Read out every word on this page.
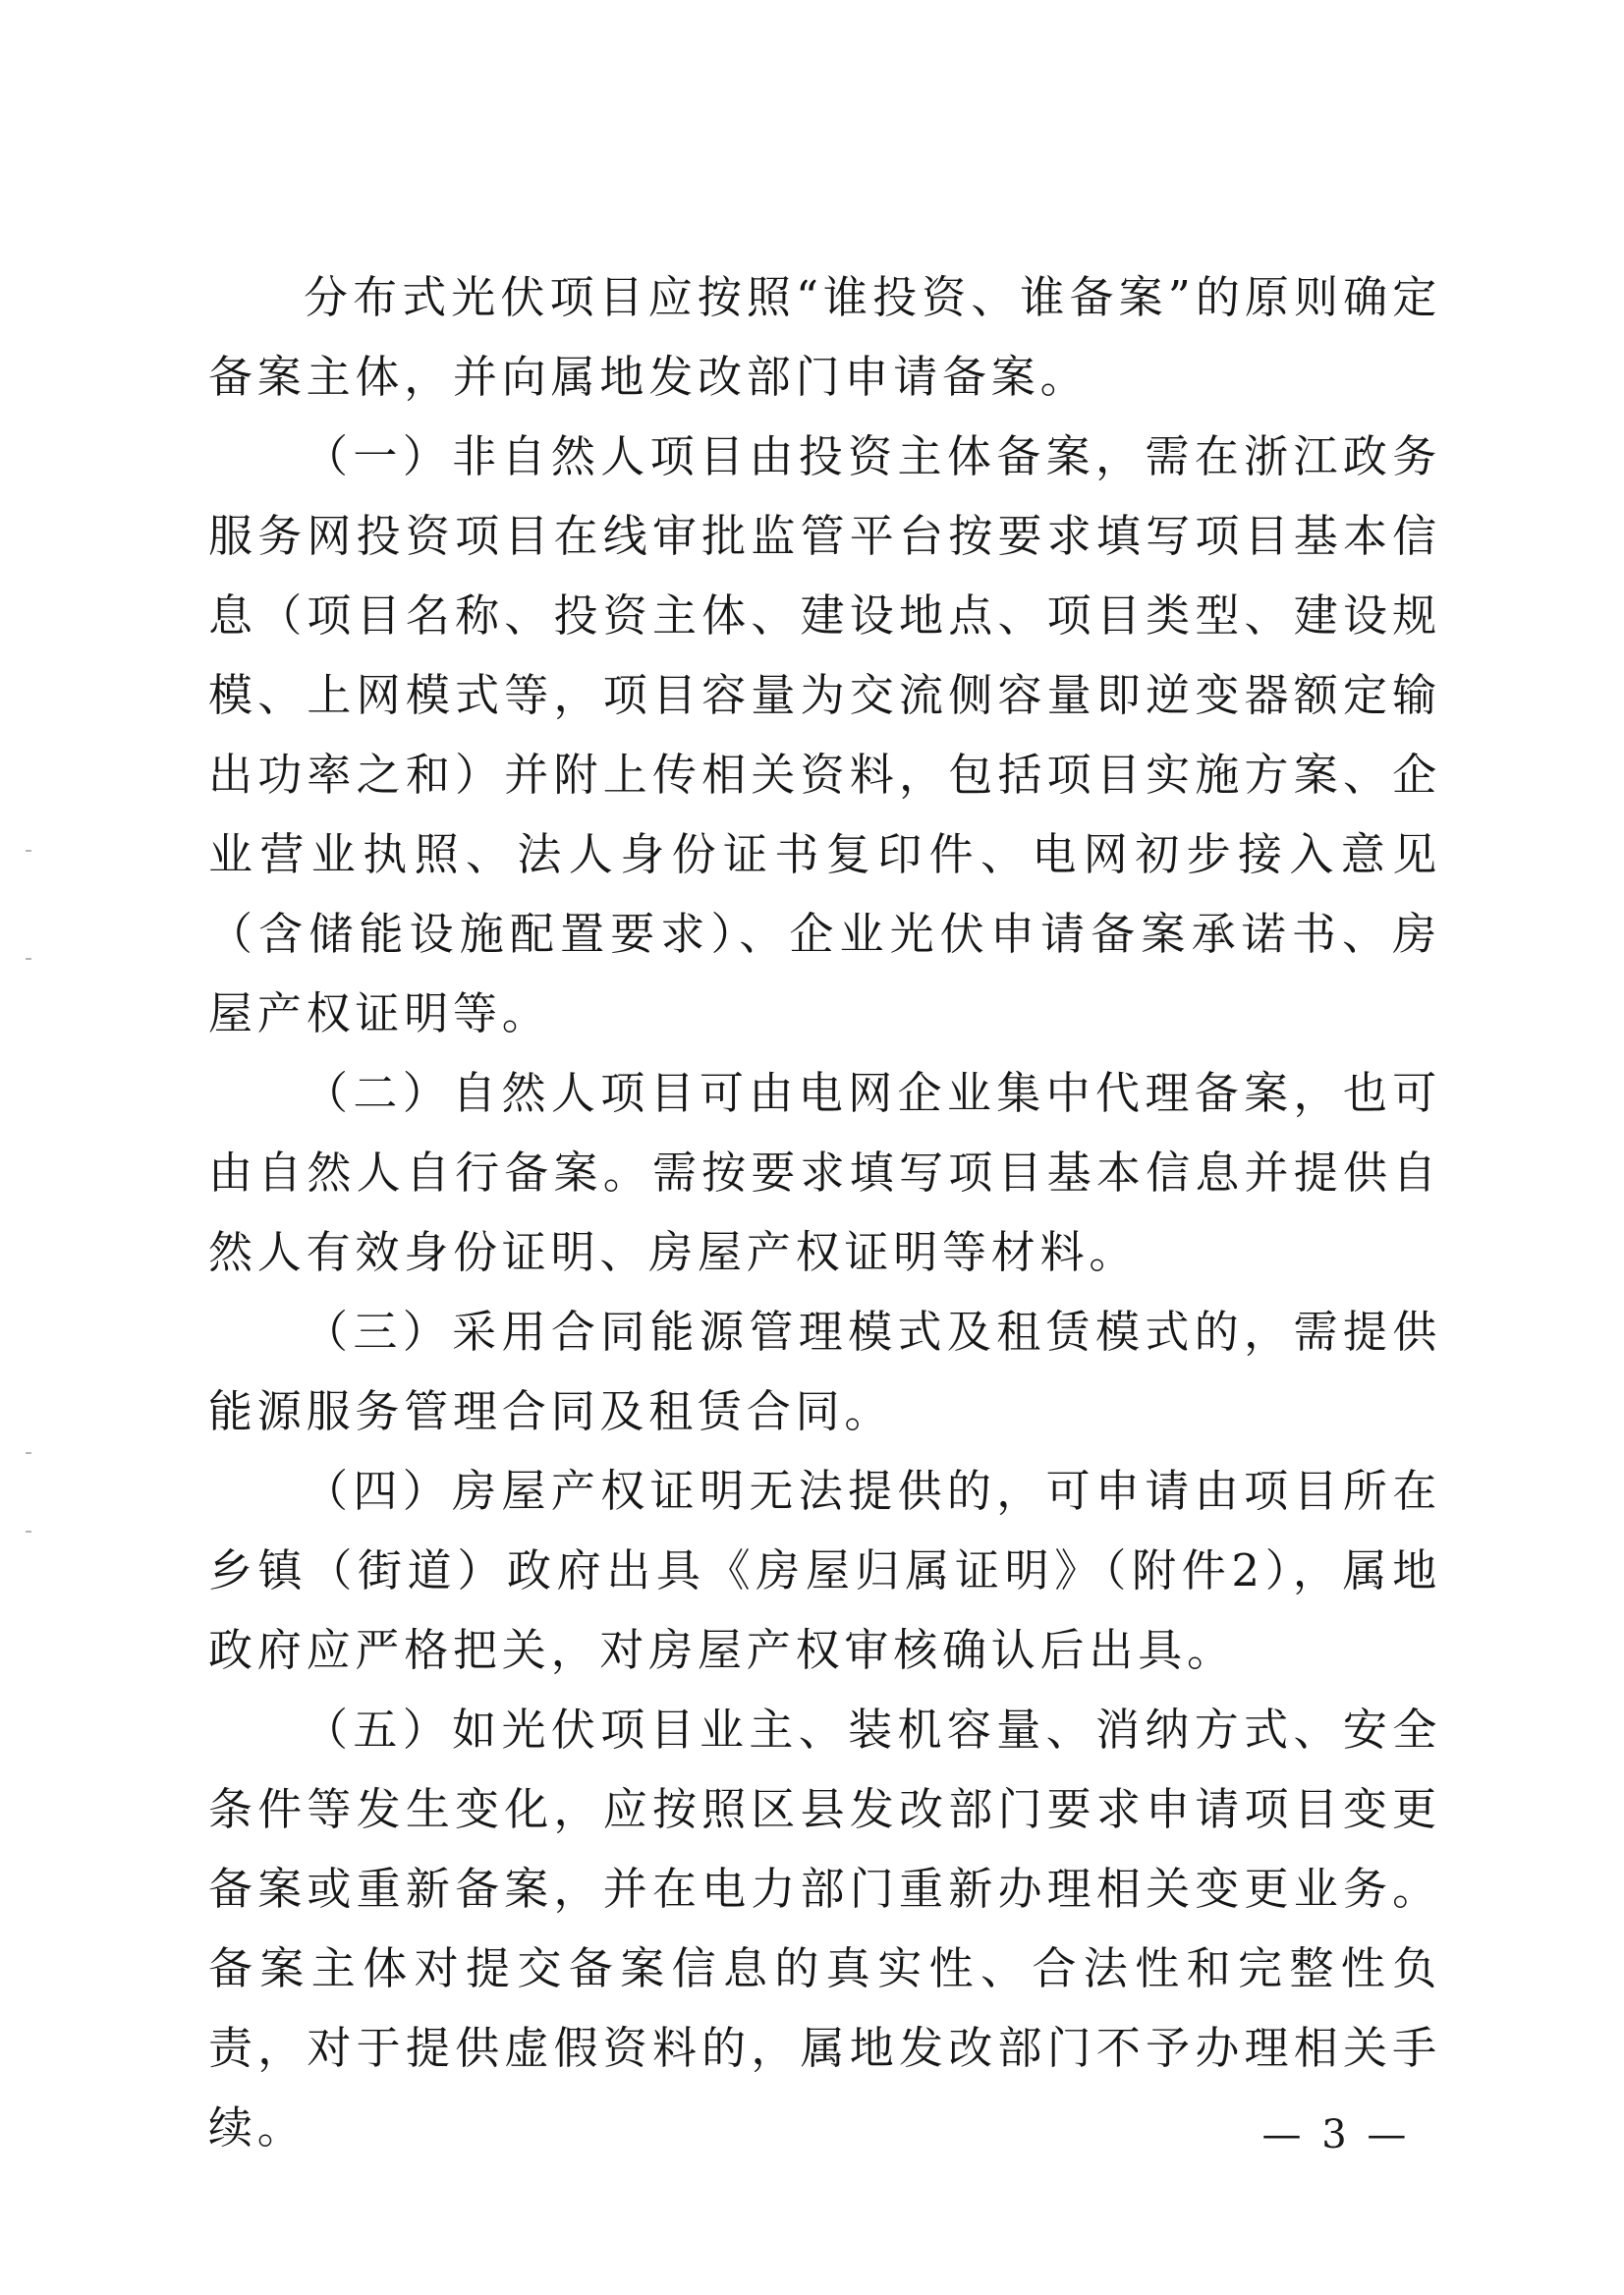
分布式光伏项目应按照“谁投资、谁备案”的原则确定备案主体，并向属地发改部门申请备案。

（一）非自然人项目由投资主体备案，需在浙江政务服务网投资项目在线审批监管平台按要求填写项目基本信息（项目名称、投资主体、建设地点、项目类型、建设规模、上网模式等，项目容量为交流侧容量即逆变器额定输出功率之和）并附上传相关资料，包括项目实施方案、企业营业执照、法人身份证书复印件、电网初步接入意见（含储能设施配置要求）、企业光伏申请备案承诺书、房屋产权证明等。

（二）自然人项目可由电网企业集中代理备案，也可由自然人自行备案。需按要求填写项目基本信息并提供自然人有效身份证明、房屋产权证明等材料。

（三）采用合同能源管理模式及租赁模式的，需提供能源服务管理合同及租赁合同。

（四）房屋产权证明无法提供的，可申请由项目所在乡镇（街道）政府出具《房屋归属证明》（附件2），属地政府应严格把关，对房屋产权审核确认后出具。

（五）如光伏项目业主、装机容量、消纳方式、安全条件等发生变化，应按照区县发改部门要求申请项目变更备案或重新备案，并在电力部门重新办理相关变更业务。备案主体对提交备案信息的真实性、合法性和完整性负责，对于提供虚假资料的，属地发改部门不予办理相关手续。	— 3 —
